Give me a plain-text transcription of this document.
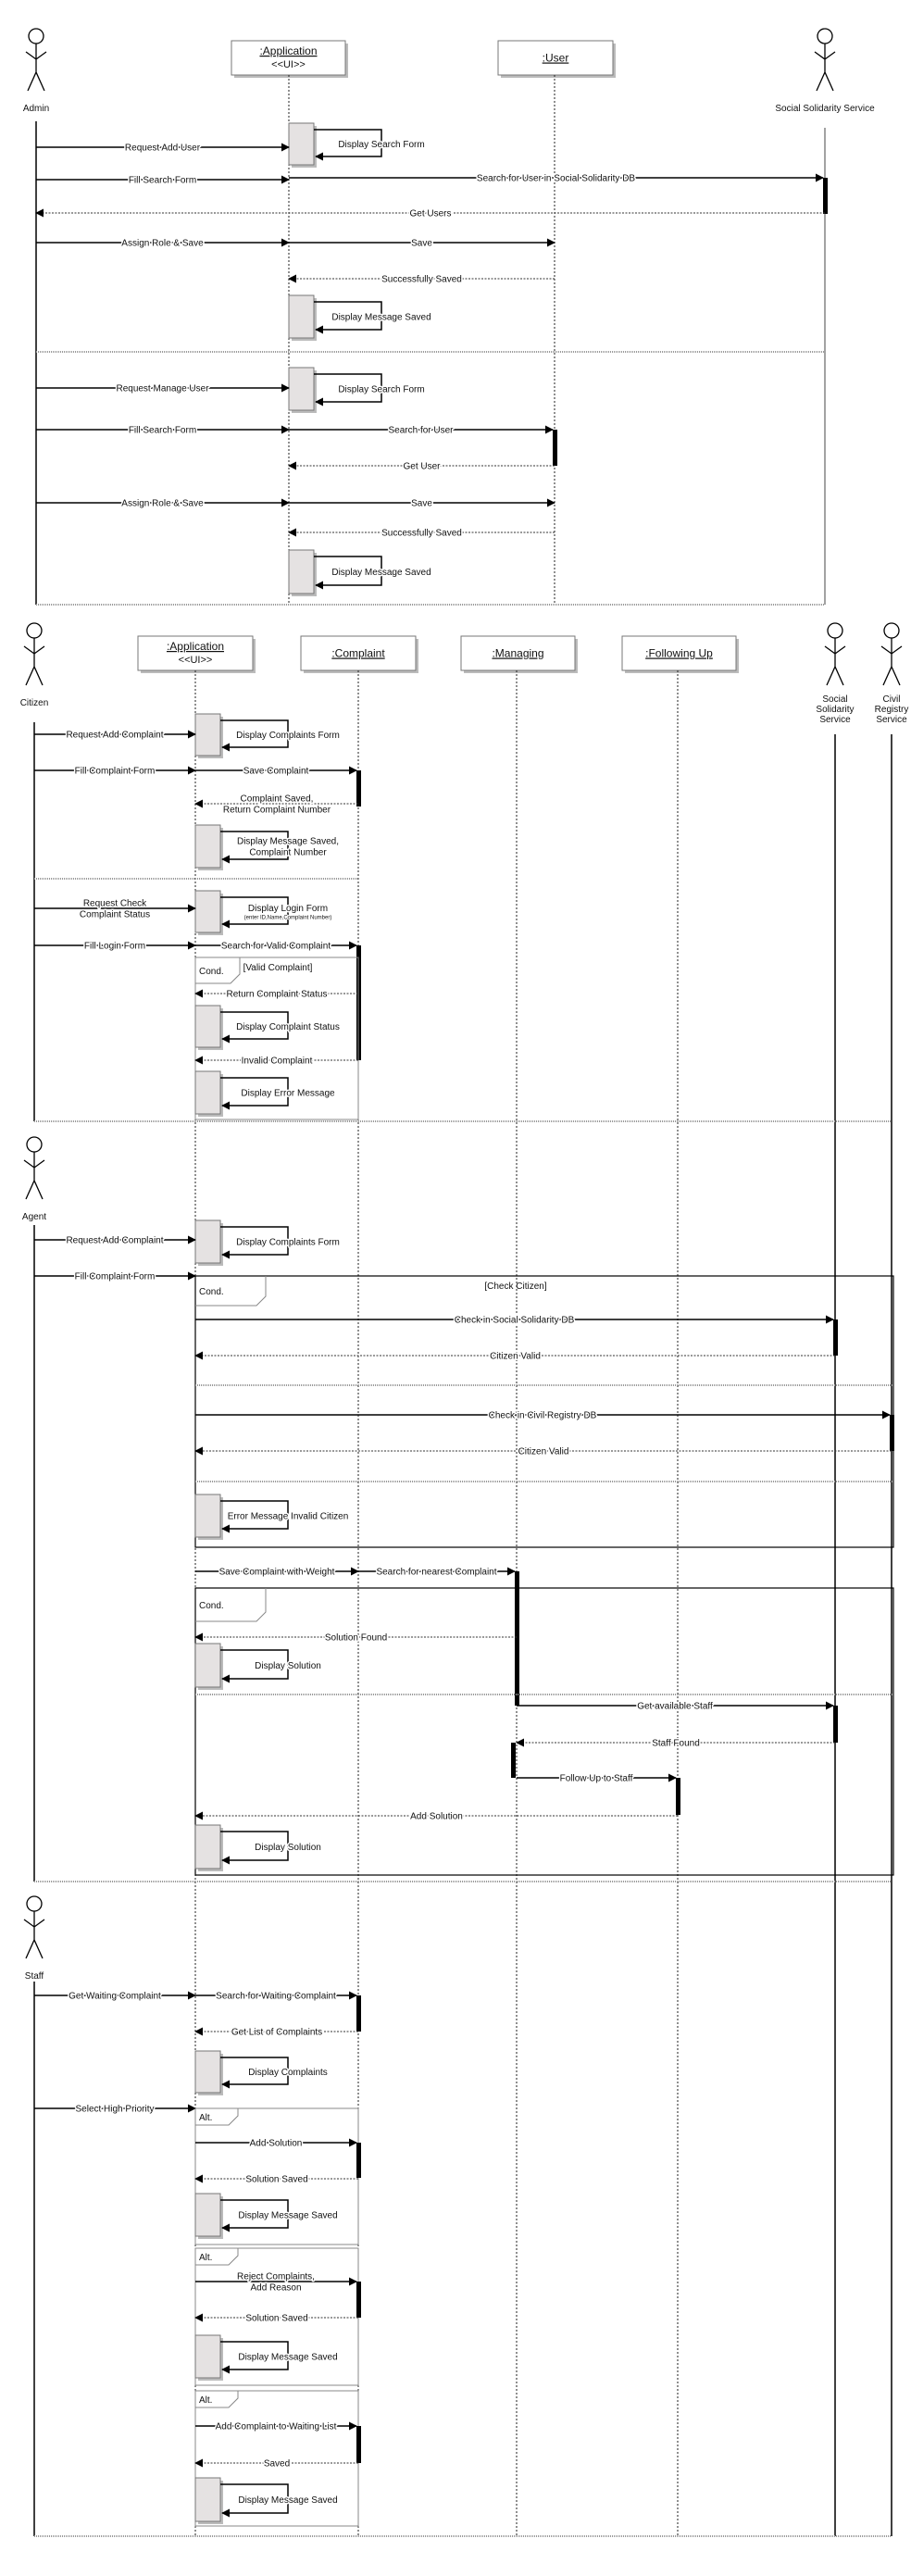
Admin	Social Solidarity Service
:Application
<<UI>>
:User
Display Search Form
Request Add User
Fill Search Form	Search for User in Social Solidarity DB
Get Users
Assign Role & Save	Save
Successfully Saved
Display Message Saved
Display Search Form
Request Manage User
Fill Search Form	Search for User
Get User
Assign Role & Save	Save
Successfully Saved
Display Message Saved
:Application
<<UI>>
:Complaint	:Managing	:Following Up
Citizen	Social
Solidarity
Service
Civil
Registry
Service
Display Complaints Form
Request Add Complaint
Fill Complaint Form	Save Complaint
Complaint Saved,
Return Complaint Number
Display Message Saved,
Complaint Number
Display Login Form
(enter ID,Name,Complaint Number)
Request Check
Complaint Status
Fill Login Form	Search for Valid Complaint
Cond. [Valid Complaint]
Return Complaint Status
Display Complaint Status
Invalid Complaint
Display Error Message
Agent
Display Complaints Form
Request Add Complaint
Fill Complaint Form
Cond.
[Check Citizen]
Check in Social Solidarity DB
Citizen Valid
Check in Civil Registry DB
Citizen Valid
Error Message Invalid Citizen
Save Complaint with Weight	Search for nearest Complaint
Cond.
Solution Found
Display Solution
Get available Staff
Staff Found
Follow Up to Staff
Add Solution
Display Solution
Staff
Get Waiting Complaint	Search for Waiting Complaint
Get List of Complaints
Display Complaints
Select High Priority
Alt.
Add Solution
Solution Saved
Display Message Saved
Alt.
Reject Complaints,
Add Reason
Solution Saved
Display Message Saved
Alt.
Add Complaint to Waiting List
Saved
Display Message Saved
